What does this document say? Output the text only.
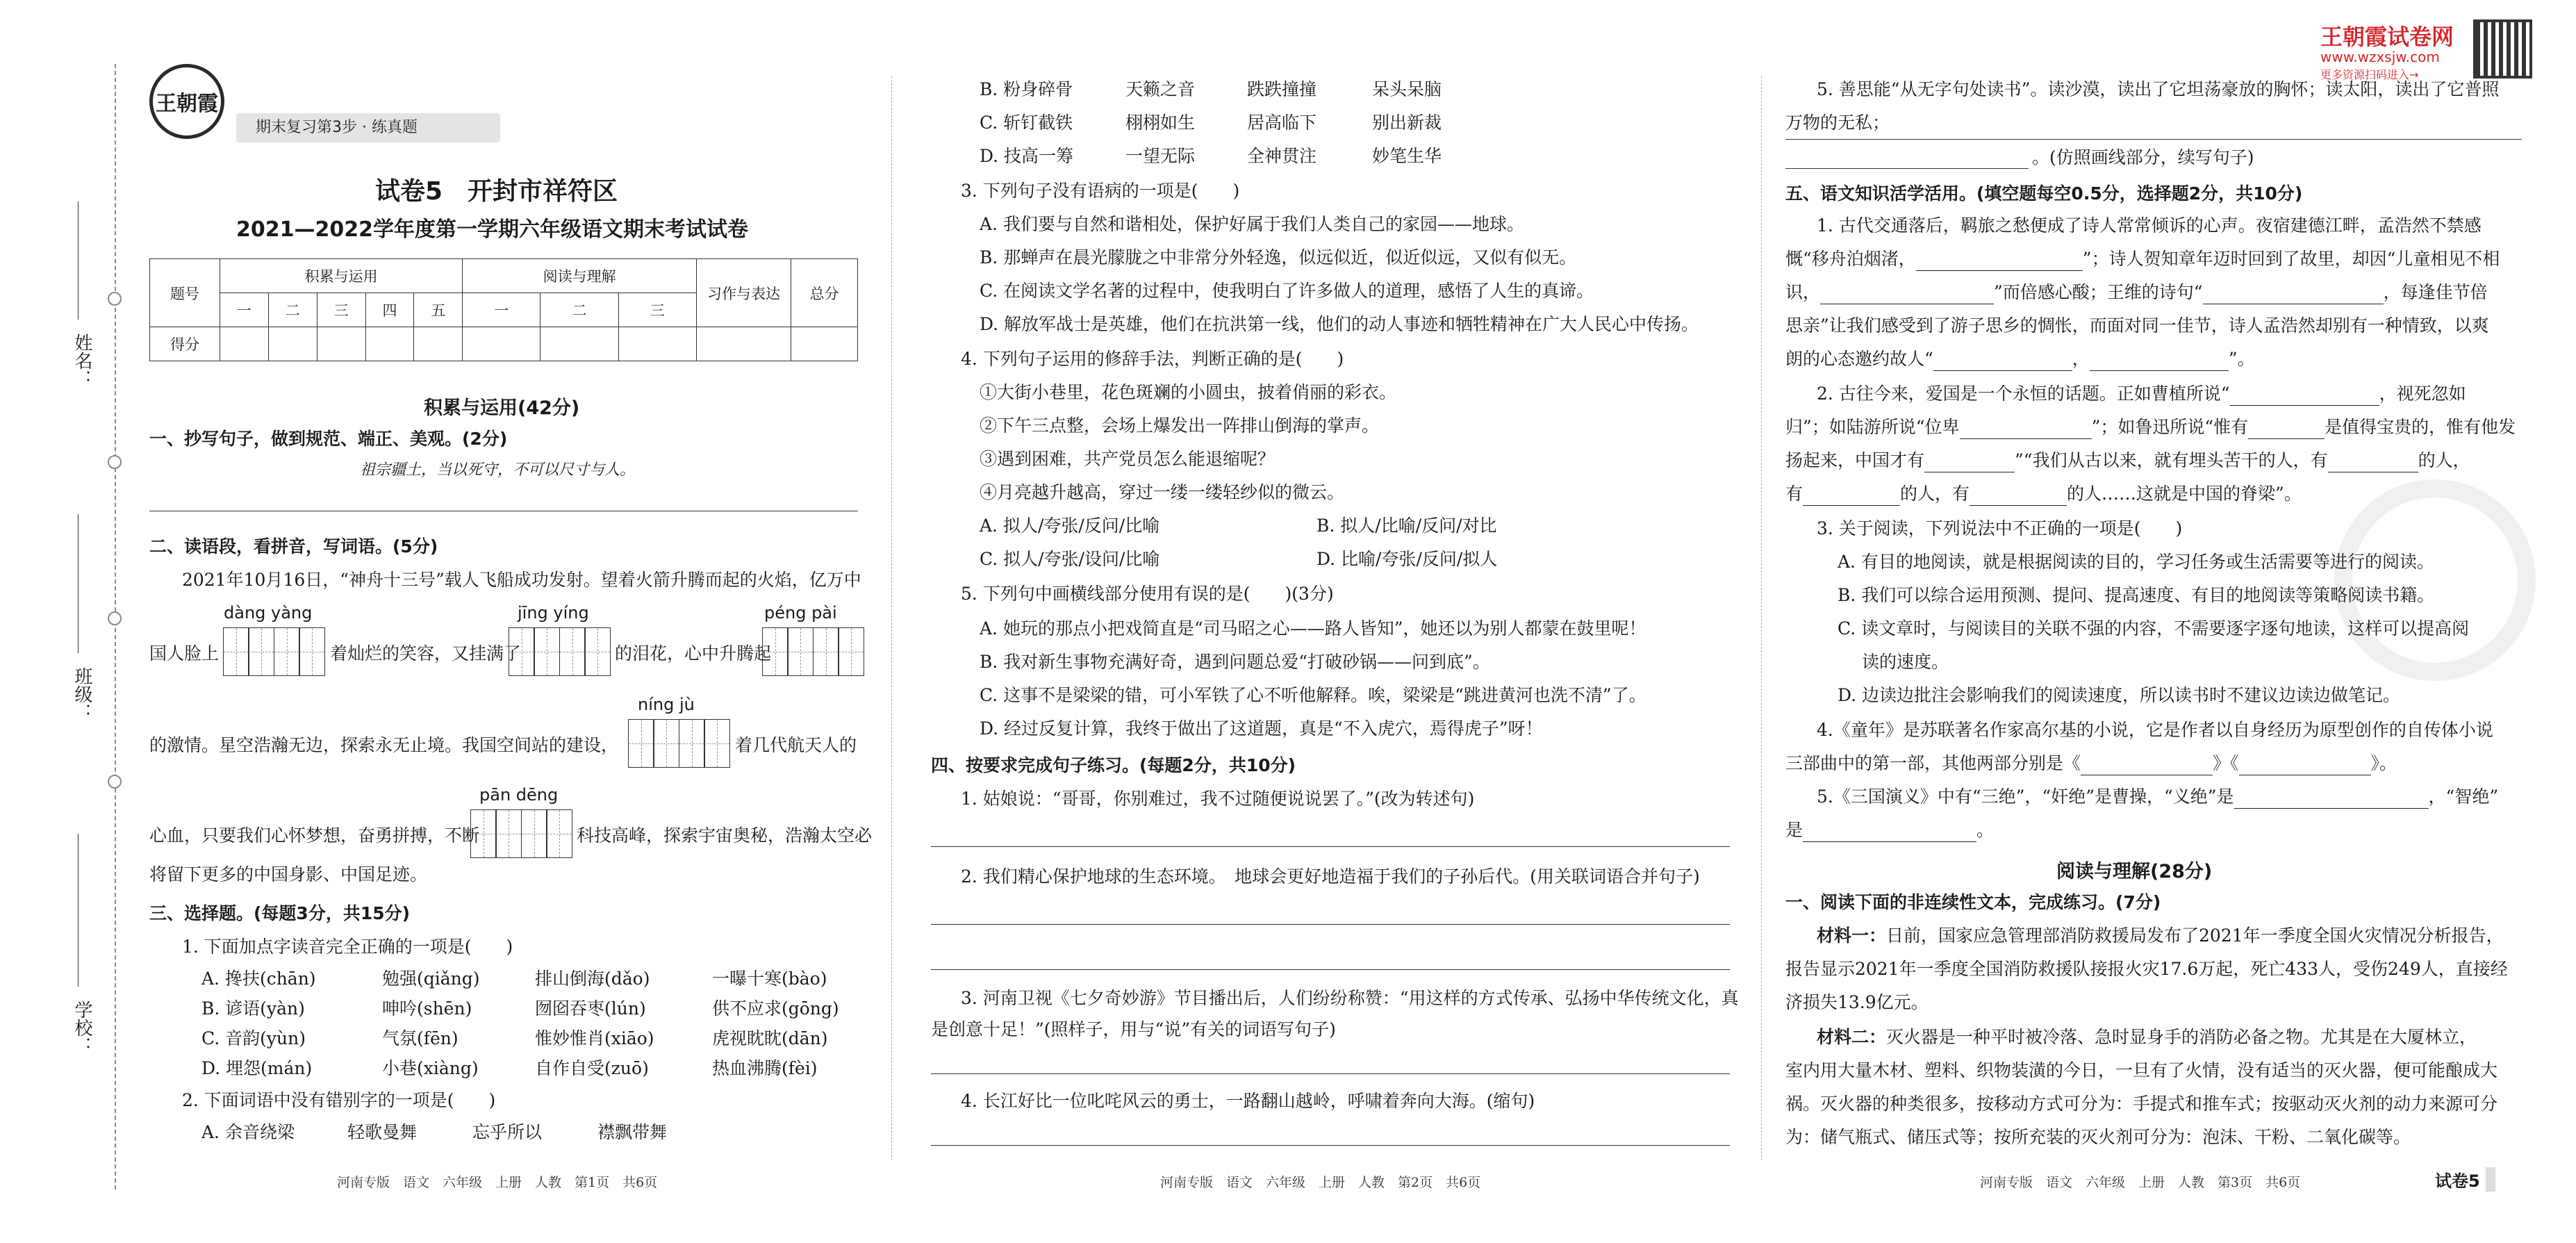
姓名：
班级：
学校：
王朝霞
期末复习第3步 · 练真题
试卷5　开封市祥符区
2021—2022学年度第一学期六年级语文期末考试试卷
题号	积累与运用					阅读与理解			习作与表达	总分
	一	二	三	四	五	一	二	三		
得分										
积累与运用(42分)
一、抄写句子，做到规范、端正、美观。(2分)
祖宗疆土，当以死守，不可以尺寸与人。
二、读语段，看拼音，写词语。(5分)
2021年10月16日，“神舟十三号”载人飞船成功发射。望着火箭升腾而起的火焰，亿万中
dàng yàng	jīng yíng	péng pài
国人脸上	着灿烂的笑容，又挂满了	的泪花，心中升腾起
níng jù
的激情。星空浩瀚无边，探索永无止境。我国空间站的建设，	着几代航天人的
pān dēng
心血，只要我们心怀梦想，奋勇拼搏，不断	科技高峰，探索宇宙奥秘，浩瀚太空必
将留下更多的中国身影、中国足迹。
三、选择题。(每题3分，共15分)
1. 下面加点字读音完全正确的一项是(　　)
A. 搀扶(chān)	勉强(qiǎng)	排山倒海(dǎo)	一曝十寒(bào)
B. 谚语(yàn)	呻吟(shēn)	囫囵吞枣(lún)	供不应求(gōng)
C. 音韵(yùn)	气氛(fēn)	惟妙惟肖(xiāo)	虎视眈眈(dān)
D. 埋怨(mán)	小巷(xiàng)	自作自受(zuō)	热血沸腾(fèi)
2. 下面词语中没有错别字的一项是(　　)
A. 余音绕梁	轻歌曼舞	忘乎所以	襟飘带舞
河南专版　语文　六年级　上册　人教　第1页　共6页
B. 粉身碎骨	天籁之音	跌跌撞撞	呆头呆脑
C. 斩钉截铁	栩栩如生	居高临下	别出新裁
D. 技高一筹	一望无际	全神贯注	妙笔生华
3. 下列句子没有语病的一项是(　　)
A. 我们要与自然和谐相处，保护好属于我们人类自己的家园——地球。
B. 那蝉声在晨光朦胧之中非常分外轻逸，似远似近，似近似远，又似有似无。
C. 在阅读文学名著的过程中，使我明白了许多做人的道理，感悟了人生的真谛。
D. 解放军战士是英雄，他们在抗洪第一线，他们的动人事迹和牺牲精神在广大人民心中传扬。
4. 下列句子运用的修辞手法，判断正确的是(　　)
①大街小巷里，花色斑斓的小圆虫，披着俏丽的彩衣。
②下午三点整，会场上爆发出一阵排山倒海的掌声。
③遇到困难，共产党员怎么能退缩呢？
④月亮越升越高，穿过一缕一缕轻纱似的微云。
A. 拟人/夸张/反问/比喻	B. 拟人/比喻/反问/对比
C. 拟人/夸张/设问/比喻	D. 比喻/夸张/反问/拟人
5. 下列句中画横线部分使用有误的是(　　)(3分)
A. 她玩的那点小把戏简直是“司马昭之心——路人皆知”，她还以为别人都蒙在鼓里呢！
B. 我对新生事物充满好奇，遇到问题总爱“打破砂锅——问到底”。
C. 这事不是梁梁的错，可小军铁了心不听他解释。唉，梁梁是“跳进黄河也洗不清”了。
D. 经过反复计算，我终于做出了这道题，真是“不入虎穴，焉得虎子”呀！
四、按要求完成句子练习。(每题2分，共10分)
1. 姑娘说：“哥哥，你别难过，我不过随便说说罢了。”(改为转述句)
2. 我们精心保护地球的生态环境。　地球会更好地造福于我们的子孙后代。(用关联词语合并句子)
3. 河南卫视《七夕奇妙游》节目播出后，人们纷纷称赞：“用这样的方式传承、弘扬中华传统文化，真
是创意十足！”(照样子，用与“说”有关的词语写句子)
4. 长江好比一位叱咤风云的勇士，一路翻山越岭，呼啸着奔向大海。(缩句)
河南专版　语文　六年级　上册　人教　第2页　共6页
王朝霞试卷网
www.wzxsjw.com
更多资源扫码进入→
5. 善思能“从无字句处读书”。读沙漠，读出了它坦荡豪放的胸怀；读太阳，读出了它普照
万物的无私；
。(仿照画线部分，续写句子)
五、语文知识活学活用。(填空题每空0.5分，选择题2分，共10分)
1. 古代交通落后，羁旅之愁便成了诗人常常倾诉的心声。夜宿建德江畔，孟浩然不禁感
慨“移舟泊烟渚，	”；诗人贺知章年迈时回到了故里，却因“儿童相见不相
识，	”而倍感心酸；王维的诗句“	，每逢佳节倍
思亲”让我们感受到了游子思乡的惆怅，而面对同一佳节，诗人孟浩然却别有一种情致，以爽
朗的心态邀约故人“	，	”。
2. 古往今来，爱国是一个永恒的话题。正如曹植所说“	，视死忽如
归”；如陆游所说“位卑	”；如鲁迅所说“惟有	是值得宝贵的，惟有他发
扬起来，中国才有	”“我们从古以来，就有埋头苦干的人，有	的人，
有	的人，有	的人……这就是中国的脊梁”。
3. 关于阅读，下列说法中不正确的一项是(　　)
A. 有目的地阅读，就是根据阅读的目的，学习任务或生活需要等进行的阅读。
B. 我们可以综合运用预测、提问、提高速度、有目的地阅读等策略阅读书籍。
C. 读文章时，与阅读目的关联不强的内容，不需要逐字逐句地读，这样可以提高阅
读的速度。
D. 边读边批注会影响我们的阅读速度，所以读书时不建议边读边做笔记。
4.《童年》是苏联著名作家高尔基的小说，它是作者以自身经历为原型创作的自传体小说
三部曲中的第一部，其他两部分别是《	》《	》。
5.《三国演义》中有“三绝”，“奸绝”是曹操，“义绝”是	，“智绝”
是	。
阅读与理解(28分)
一、阅读下面的非连续性文本，完成练习。(7分)
材料一：日前，国家应急管理部消防救援局发布了2021年一季度全国火灾情况分析报告，
报告显示2021年一季度全国消防救援队接报火灾17.6万起，死亡433人，受伤249人，直接经
济损失13.9亿元。
材料二：灭火器是一种平时被冷落、急时显身手的消防必备之物。尤其是在大厦林立，
室内用大量木材、塑料、织物装潢的今日，一旦有了火情，没有适当的灭火器，便可能酿成大
祸。灭火器的种类很多，按移动方式可分为：手提式和推车式；按驱动灭火剂的动力来源可分
为：储气瓶式、储压式等；按所充装的灭火剂可分为：泡沫、干粉、二氧化碳等。
河南专版　语文　六年级　上册　人教　第3页　共6页	试卷5
